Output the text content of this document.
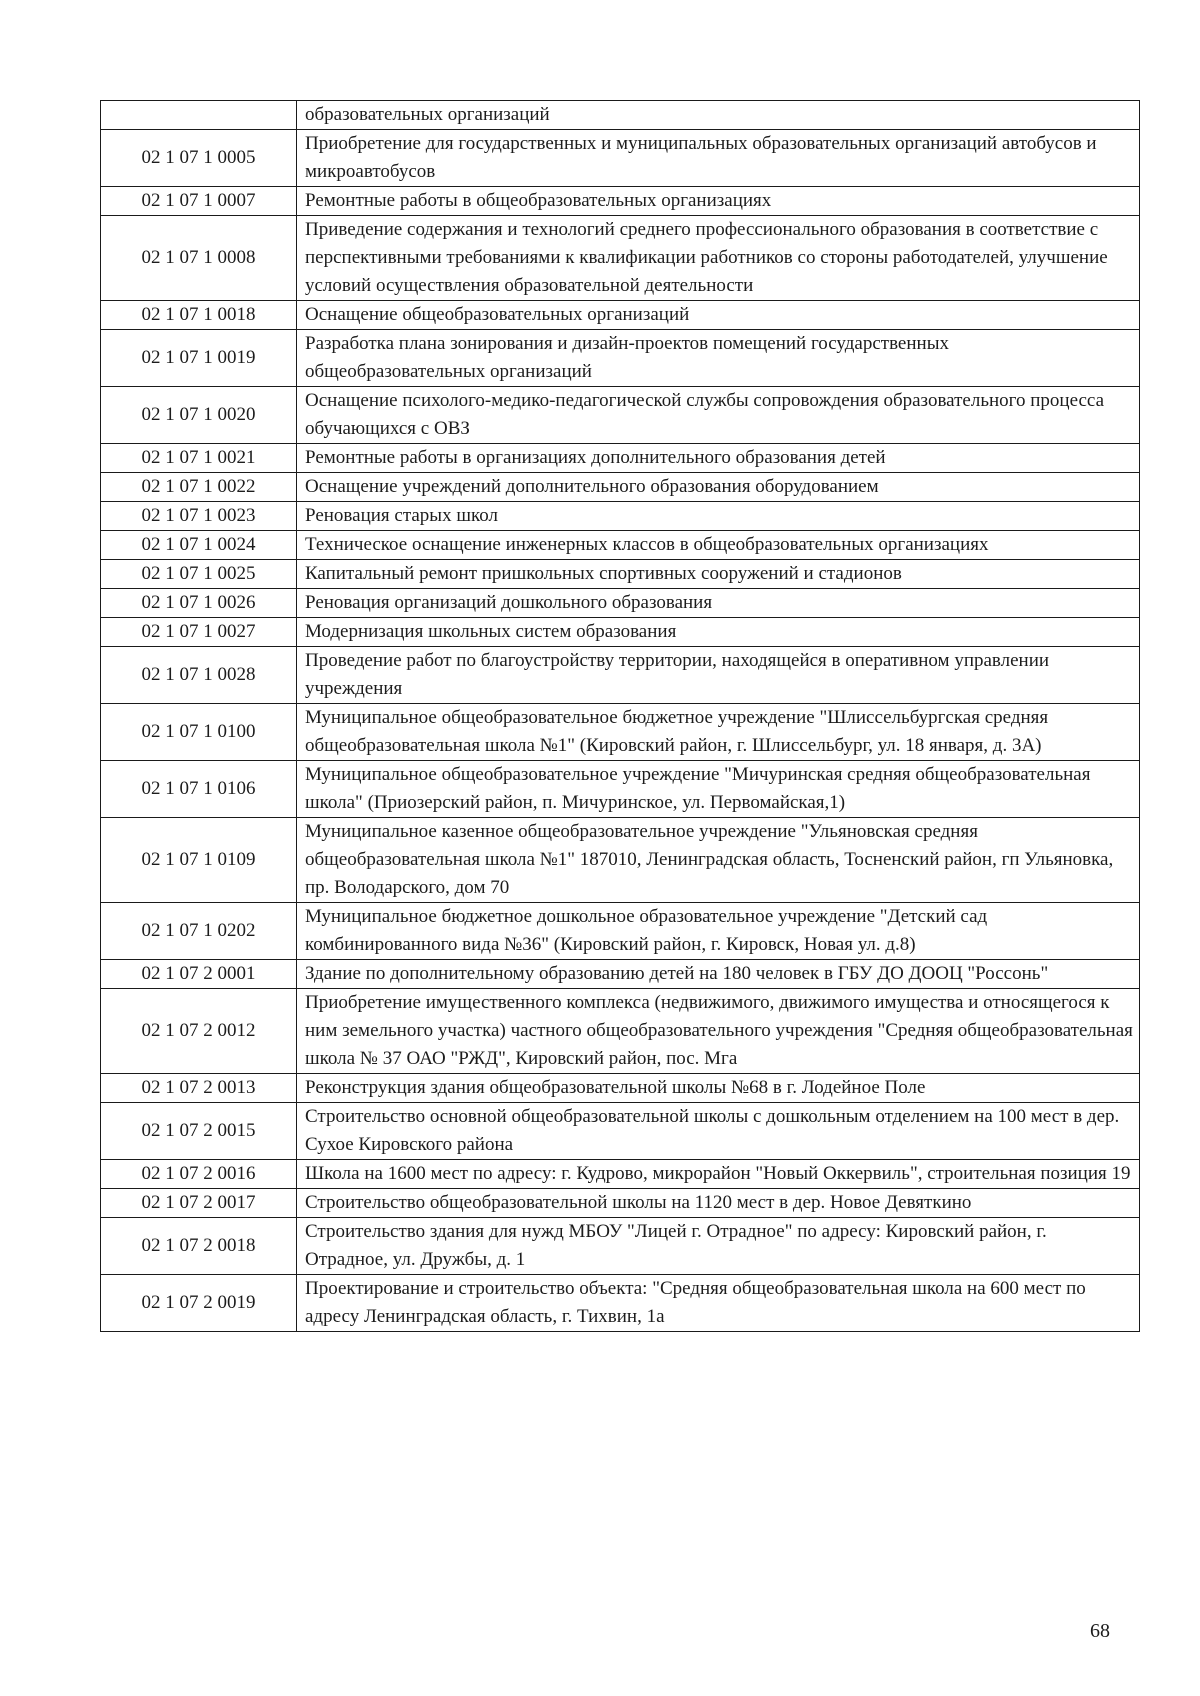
	образовательных организаций
02 1 07 1 0005	Приобретение для государственных и муниципальных образовательных организаций автобусов и микроавтобусов
02 1 07 1 0007	Ремонтные работы в общеобразовательных организациях
02 1 07 1 0008	Приведение содержания и технологий среднего профессионального образования в соответствие с перспективными требованиями к квалификации работников со стороны работодателей, улучшение условий осуществления образовательной деятельности
02 1 07 1 0018	Оснащение общеобразовательных организаций
02 1 07 1 0019	Разработка плана зонирования и дизайн-проектов помещений государственных общеобразовательных организаций
02 1 07 1 0020	Оснащение психолого-медико-педагогической службы сопровождения образовательного процесса обучающихся с ОВЗ
02 1 07 1 0021	Ремонтные работы в организациях дополнительного образования детей
02 1 07 1 0022	Оснащение учреждений дополнительного образования оборудованием
02 1 07 1 0023	Реновация старых школ
02 1 07 1 0024	Техническое оснащение инженерных классов в общеобразовательных организациях
02 1 07 1 0025	Капитальный ремонт пришкольных спортивных сооружений и стадионов
02 1 07 1 0026	Реновация организаций дошкольного образования
02 1 07 1 0027	Модернизация школьных систем образования
02 1 07 1 0028	Проведение работ по благоустройству территории, находящейся в оперативном управлении учреждения
02 1 07 1 0100	Муниципальное общеобразовательное бюджетное учреждение "Шлиссельбургская средняя общеобразовательная школа №1" (Кировский район, г. Шлиссельбург, ул. 18 января, д. 3А)
02 1 07 1 0106	Муниципальное общеобразовательное учреждение "Мичуринская средняя общеобразовательная школа" (Приозерский район, п. Мичуринское, ул. Первомайская,1)
02 1 07 1 0109	Муниципальное казенное общеобразовательное учреждение "Ульяновская средняя общеобразовательная школа №1" 187010, Ленинградская область, Тосненский район, гп Ульяновка, пр. Володарского, дом 70
02 1 07 1 0202	Муниципальное бюджетное дошкольное образовательное учреждение "Детский сад комбинированного вида №36" (Кировский район, г. Кировск, Новая ул. д.8)
02 1 07 2 0001	Здание по дополнительному образованию детей на 180 человек в ГБУ ДО ДООЦ "Россонь"
02 1 07 2 0012	Приобретение имущественного комплекса (недвижимого, движимого имущества и относящегося к ним земельного участка) частного общеобразовательного учреждения "Средняя общеобразовательная школа № 37 ОАО "РЖД", Кировский район, пос. Мга
02 1 07 2 0013	Реконструкция здания общеобразовательной школы №68 в г. Лодейное Поле
02 1 07 2 0015	Строительство основной общеобразовательной школы с дошкольным отделением на 100 мест в дер. Сухое Кировского района
02 1 07 2 0016	Школа на 1600 мест по адресу: г. Кудрово, микрорайон "Новый Оккервиль", строительная позиция 19
02 1 07 2 0017	Строительство общеобразовательной школы на 1120 мест в дер. Новое Девяткино
02 1 07 2 0018	Строительство здания для нужд МБОУ "Лицей г. Отрадное" по адресу: Кировский район, г. Отрадное, ул. Дружбы, д. 1
02 1 07 2 0019	Проектирование и строительство объекта: "Средняя общеобразовательная школа на 600 мест по адресу Ленинградская область, г. Тихвин, 1а
68
